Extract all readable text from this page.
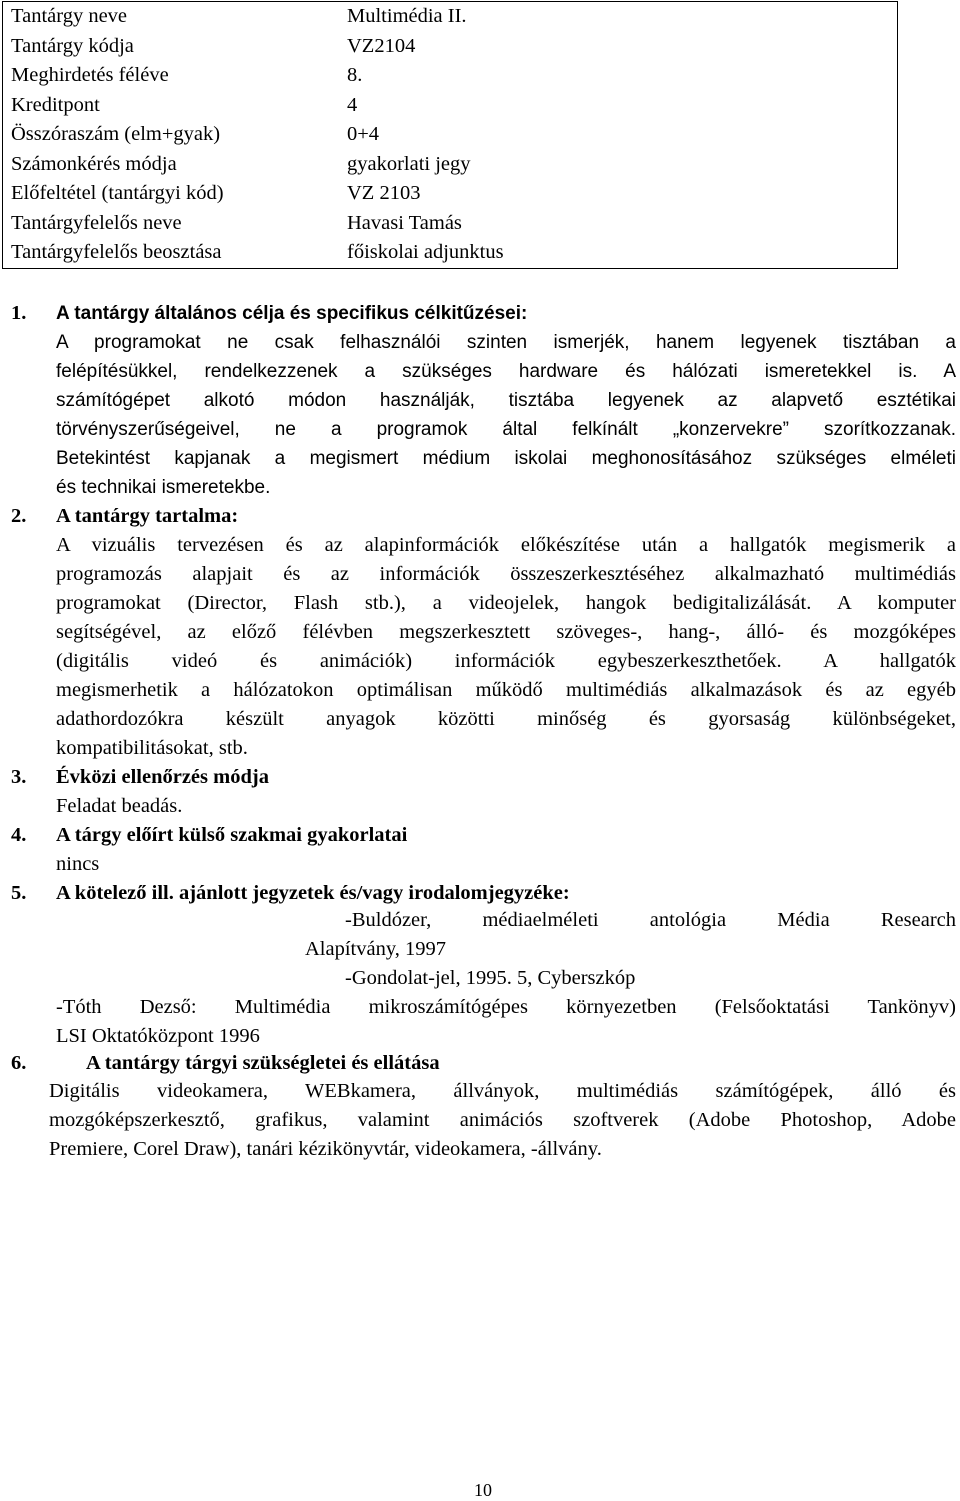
Tantárgy neve	Multimédia II.
Tantárgy kódja	VZ2104
Meghirdetés féléve	8.
Kreditpont	4
Összóraszám (elm+gyak)	0+4
Számonkérés módja	gyakorlati jegy
Előfeltétel (tantárgyi kód)	VZ 2103
Tantárgyfelelős neve	Havasi Tamás
Tantárgyfelelős beosztása	főiskolai adjunktus
1. A tantárgy általános célja és specifikus célkitűzései:
A programokat ne csak felhasználói szinten ismerjék, hanem legyenek tisztában a
felépítésükkel, rendelkezzenek a szükséges hardware és hálózati ismeretekkel is. A
számítógépet alkotó módon használják, tisztába legyenek az alapvető esztétikai
törvényszerűségeivel, ne a programok által felkínált „konzervekre” szorítkozzanak.
Betekintést kapjanak a megismert médium iskolai meghonosításához szükséges elméleti
és technikai ismeretekbe.
2. A tantárgy tartalma:
A vizuális tervezésen és az alapinformációk előkészítése után a hallgatók megismerik a
programozás alapjait és az információk összeszerkesztéséhez alkalmazható multimédiás
programokat (Director, Flash stb.), a videojelek, hangok bedigitalizálását. A komputer
segítségével, az előző félévben megszerkesztett szöveges-, hang-, álló- és mozgóképes
(digitális videó és animációk) információk egybeszerkeszthetőek. A hallgatók
megismerhetik a hálózatokon optimálisan működő multimédiás alkalmazások és az egyéb
adathordozókra készült anyagok közötti minőség és gyorsaság különbségeket,
kompatibilitásokat, stb.
3. Évközi ellenőrzés módja
Feladat beadás.
4. A tárgy előírt külső szakmai gyakorlatai
nincs
5. A kötelező ill. ajánlott jegyzetek és/vagy irodalomjegyzéke:
-Buldózer, médiaelméleti antológia Média Research
Alapítvány, 1997
-Gondolat-jel, 1995. 5, Cyberszkóp
-Tóth Dezső: Multimédia mikroszámítógépes környezetben (Felsőoktatási Tankönyv)
LSI Oktatóközpont 1996
6.	A tantárgy tárgyi szükségletei és ellátása
Digitális videokamera, WEBkamera, állványok, multimédiás számítógépek, álló és
mozgóképszerkesztő, grafikus, valamint animációs szoftverek (Adobe Photoshop, Adobe
Premiere, Corel Draw), tanári kézikönyvtár, videokamera, -állvány.
10
